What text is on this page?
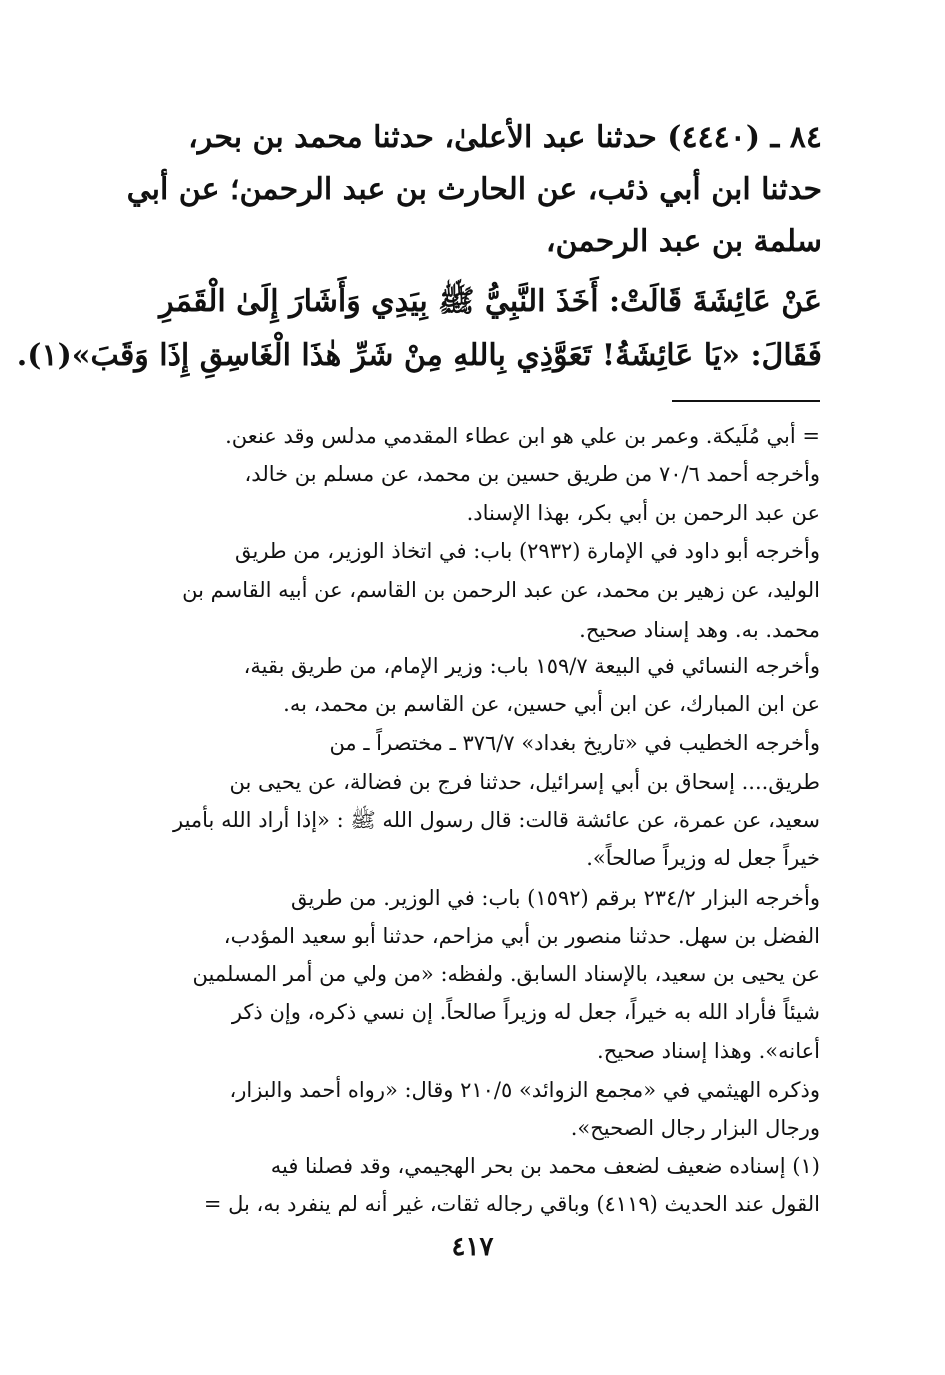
٨٤ ـ (٤٤٤٠) حدثنا عبد الأعلىٰ، حدثنا محمد بن بحر،
حدثنا ابن أبي ذئب، عن الحارث بن عبد الرحمن؛ عن أبي
سلمة بن عبد الرحمن،
عَنْ عَائِشَةَ قَالَتْ: أَخَذَ النَّبِيُّ ﷺ بِيَدِي وَأَشَارَ إِلَىٰ الْقَمَرِ
فَقَالَ: «يَا عَائِشَةُ! تَعَوَّذِي بِاللهِ مِنْ شَرِّ هٰذَا الْغَاسِقِ إِذَا وَقَبَ»(١).
= أبي مُلَيكة. وعمر بن علي هو ابن عطاء المقدمي مدلس وقد عنعن.
وأخرجه أحمد ٧٠/٦ من طريق حسين بن محمد، عن مسلم بن خالد،
عن عبد الرحمن بن أبي بكر، بهذا الإسناد.
وأخرجه أبو داود في الإمارة (٢٩٣٢) باب: في اتخاذ الوزير، من طريق
الوليد، عن زهير بن محمد، عن عبد الرحمن بن القاسم، عن أبيه القاسم بن
محمد. به. وهد إسناد صحيح.
وأخرجه النسائي في البيعة ١٥٩/٧ باب: وزير الإمام، من طريق بقية،
عن ابن المبارك، عن ابن أبي حسين، عن القاسم بن محمد، به.
وأخرجه الخطيب في «تاريخ بغداد» ٣٧٦/٧ ـ مختصراً ـ من
طريق.... إسحاق بن أبي إسرائيل، حدثنا فرج بن فضالة، عن يحيى بن
سعيد، عن عمرة، عن عائشة قالت: قال رسول الله ﷺ : «إذا أراد الله بأمير
خيراً جعل له وزيراً صالحاً».
وأخرجه البزار ٢٣٤/٢ برقم (١٥٩٢) باب: في الوزير. من طريق
الفضل بن سهل. حدثنا منصور بن أبي مزاحم، حدثنا أبو سعيد المؤدب،
عن يحيى بن سعيد، بالإسناد السابق. ولفظه: «من ولي من أمر المسلمين
شيئاً فأراد الله به خيراً، جعل له وزيراً صالحاً. إن نسي ذكره، وإن ذكر
أعانه». وهذا إسناد صحيح.
وذكره الهيثمي في «مجمع الزوائد» ٢١٠/٥ وقال: «رواه أحمد والبزار،
ورجال البزار رجال الصحيح».
(١) إسناده ضعيف لضعف محمد بن بحر الهجيمي، وقد فصلنا فيه
القول عند الحديث (٤١١٩) وباقي رجاله ثقات، غير أنه لم ينفرد به، بل =
٤١٧
